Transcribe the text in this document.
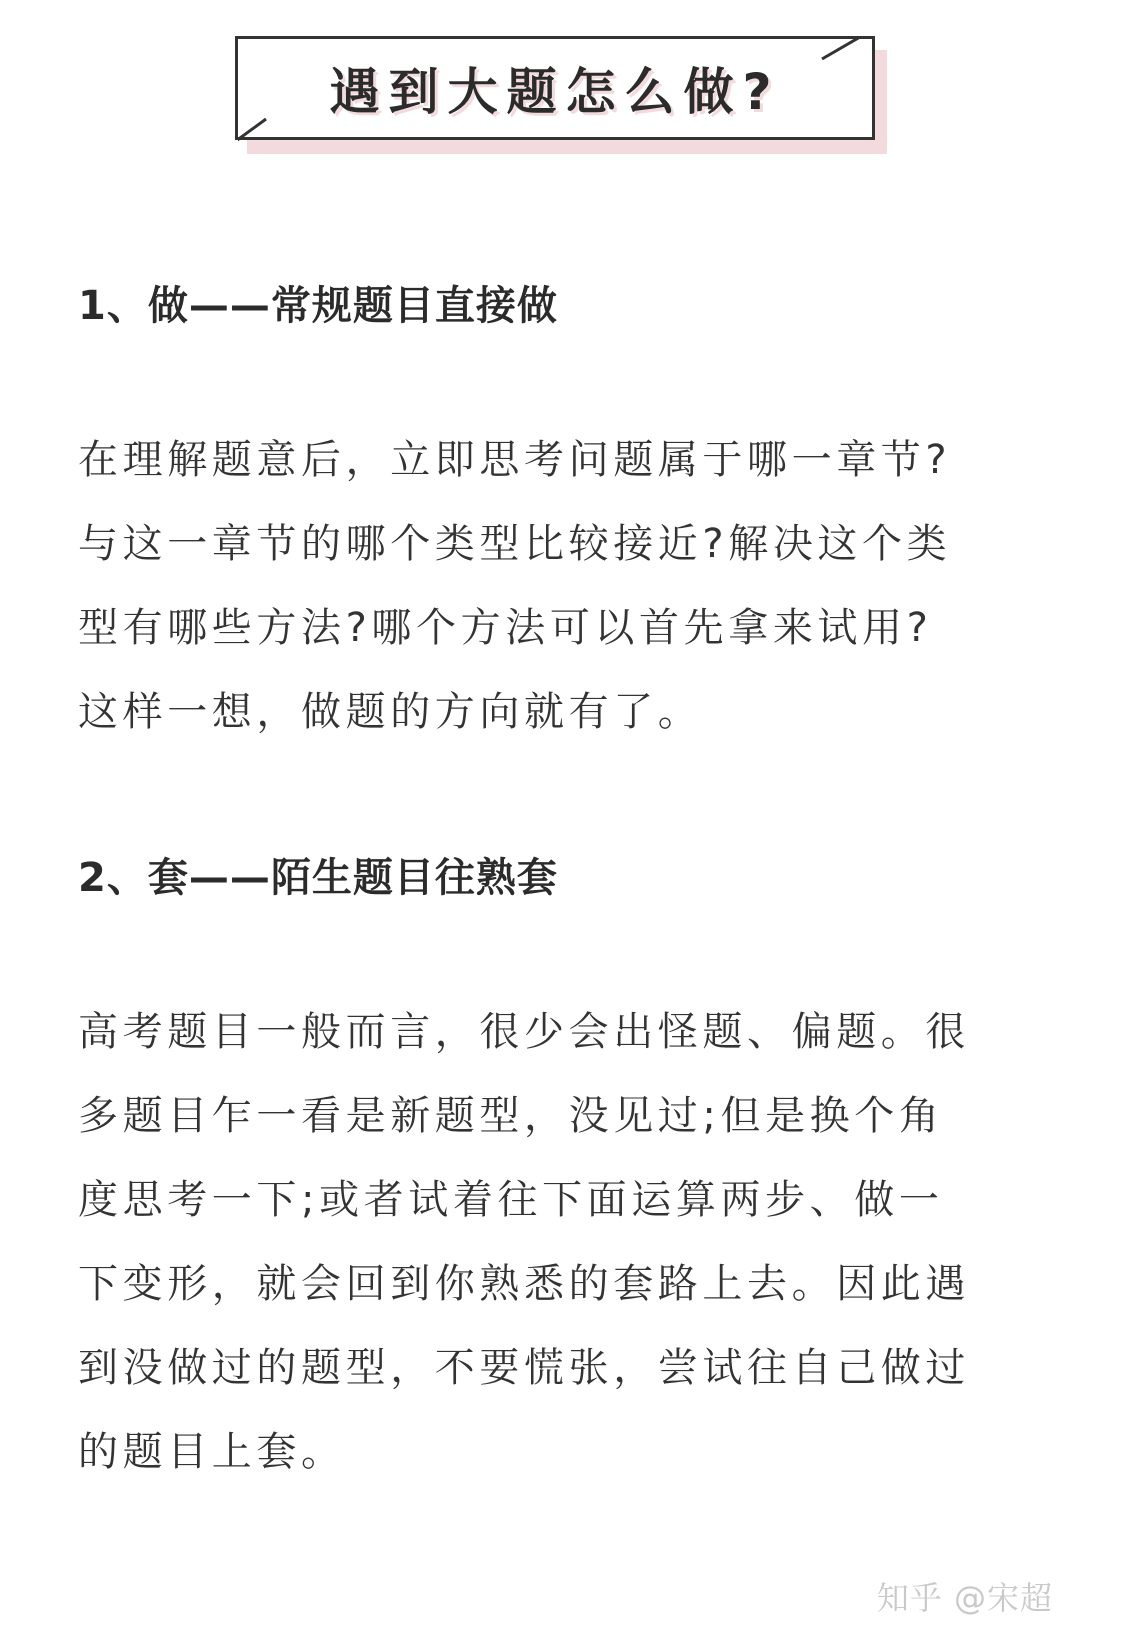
遇到大题怎么做?
1、做——常规题目直接做
在理解题意后，立即思考问题属于哪一章节?
与这一章节的哪个类型比较接近?解决这个类
型有哪些方法?哪个方法可以首先拿来试用?
这样一想，做题的方向就有了。
2、套——陌生题目往熟套
高考题目一般而言，很少会出怪题、偏题。很
多题目乍一看是新题型，没见过;但是换个角
度思考一下;或者试着往下面运算两步、做一
下变形，就会回到你熟悉的套路上去。因此遇
到没做过的题型，不要慌张，尝试往自己做过
的题目上套。
知乎 @宋超
